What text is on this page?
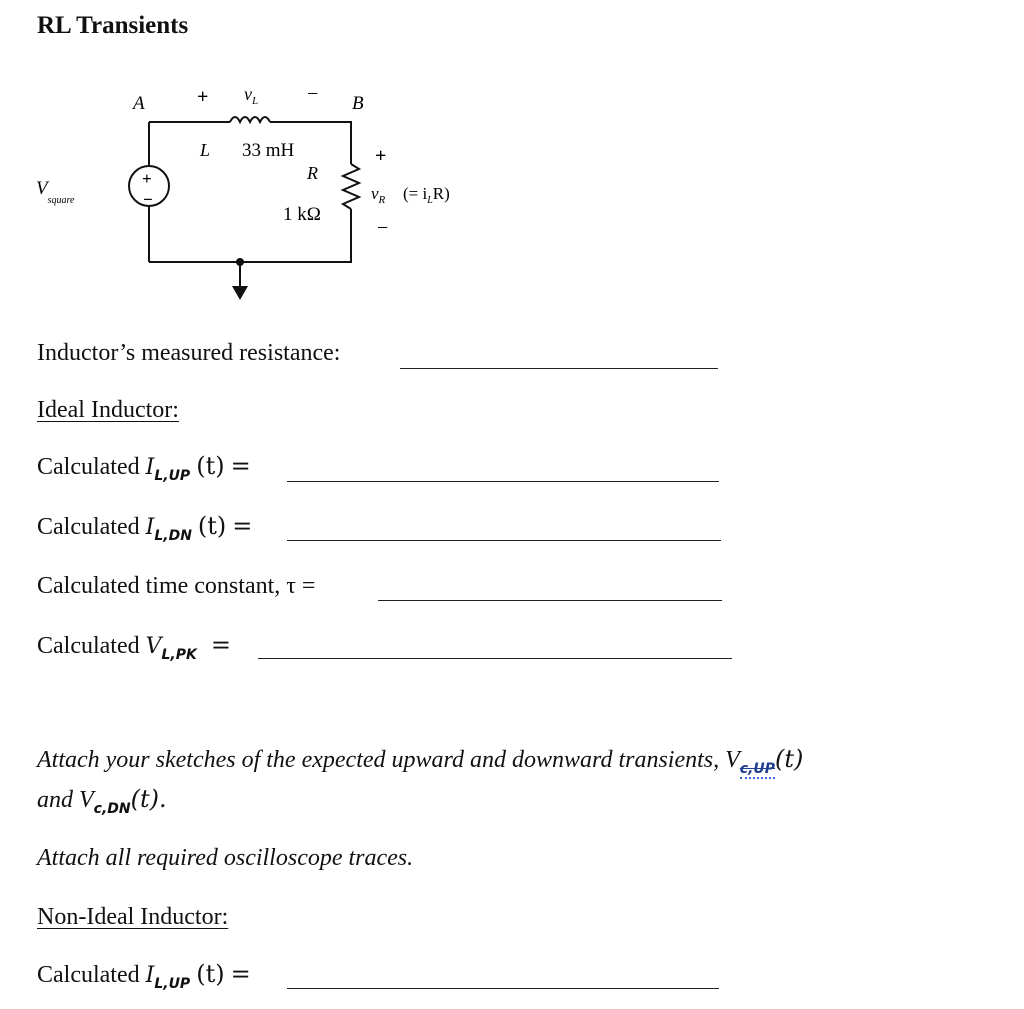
RL Transients
A	B
+ $v_L$ −
L 33 mH
R
1 kΩ
+
$v_R$ (= $i_LR$)
−
$V_{square}$
+
−
Inductor’s measured resistance:
Ideal Inductor:
Calculated $I_{L,UP}$ (t) =
Calculated $I_{L,DN}$ (t) =
Calculated time constant, τ =
Calculated $V_{L,PK}$ =
Attach your sketches of the expected upward and downward transients, $V_{c,UP}(t)$
and $V_{c,DN}(t)$.
Attach all required oscilloscope traces.
Non-Ideal Inductor:
Calculated $I_{L,UP}$ (t) =
